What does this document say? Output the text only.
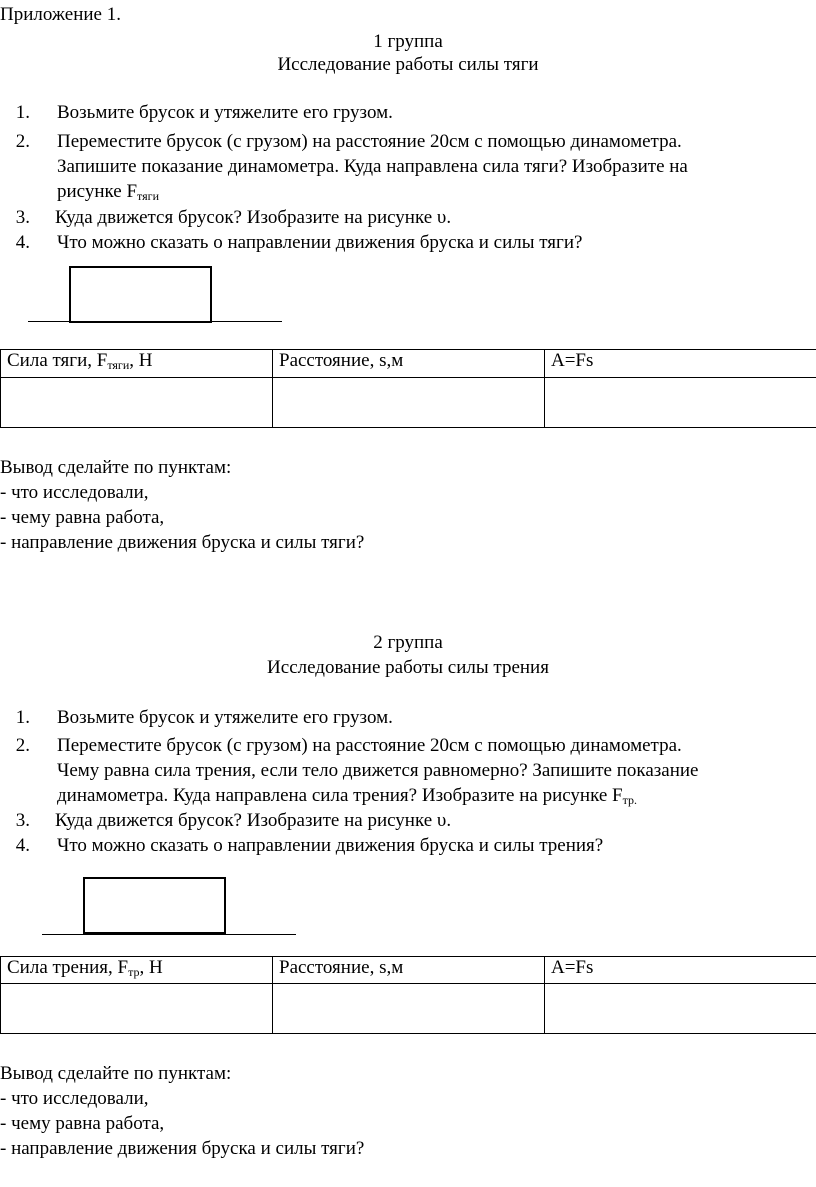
Приложение 1.
1 группа
Исследование работы силы тяги
1. Возьмите брусок и утяжелите его грузом.
2. Переместите брусок (с грузом) на расстояние 20см с помощью динамометра.
Запишите показание динамометра. Куда направлена сила тяги? Изобразите на
рисунке $F_{тяги}$
3. Куда движется брусок? Изобразите на рисунке υ.
4. Что можно сказать о направлении движения бруска и силы тяги?
Сила тяги, $F_{тяги}$, Н	Расстояние, s,м	A=Fs

Вывод сделайте по пунктам:
- что исследовали,
- чему равна работа,
- направление движения бруска и силы тяги?
2 группа
Исследование работы силы трения
1. Возьмите брусок и утяжелите его грузом.
2. Переместите брусок (с грузом) на расстояние 20см с помощью динамометра.
Чему равна сила трения, если тело движется равномерно? Запишите показание
динамометра. Куда направлена сила трения? Изобразите на рисунке $F_{тр.}$
3. Куда движется брусок? Изобразите на рисунке υ.
4. Что можно сказать о направлении движения бруска и силы трения?
Сила трения, $F_{тр}$, Н	Расстояние, s,м	A=Fs

Вывод сделайте по пунктам:
- что исследовали,
- чему равна работа,
- направление движения бруска и силы тяги?
